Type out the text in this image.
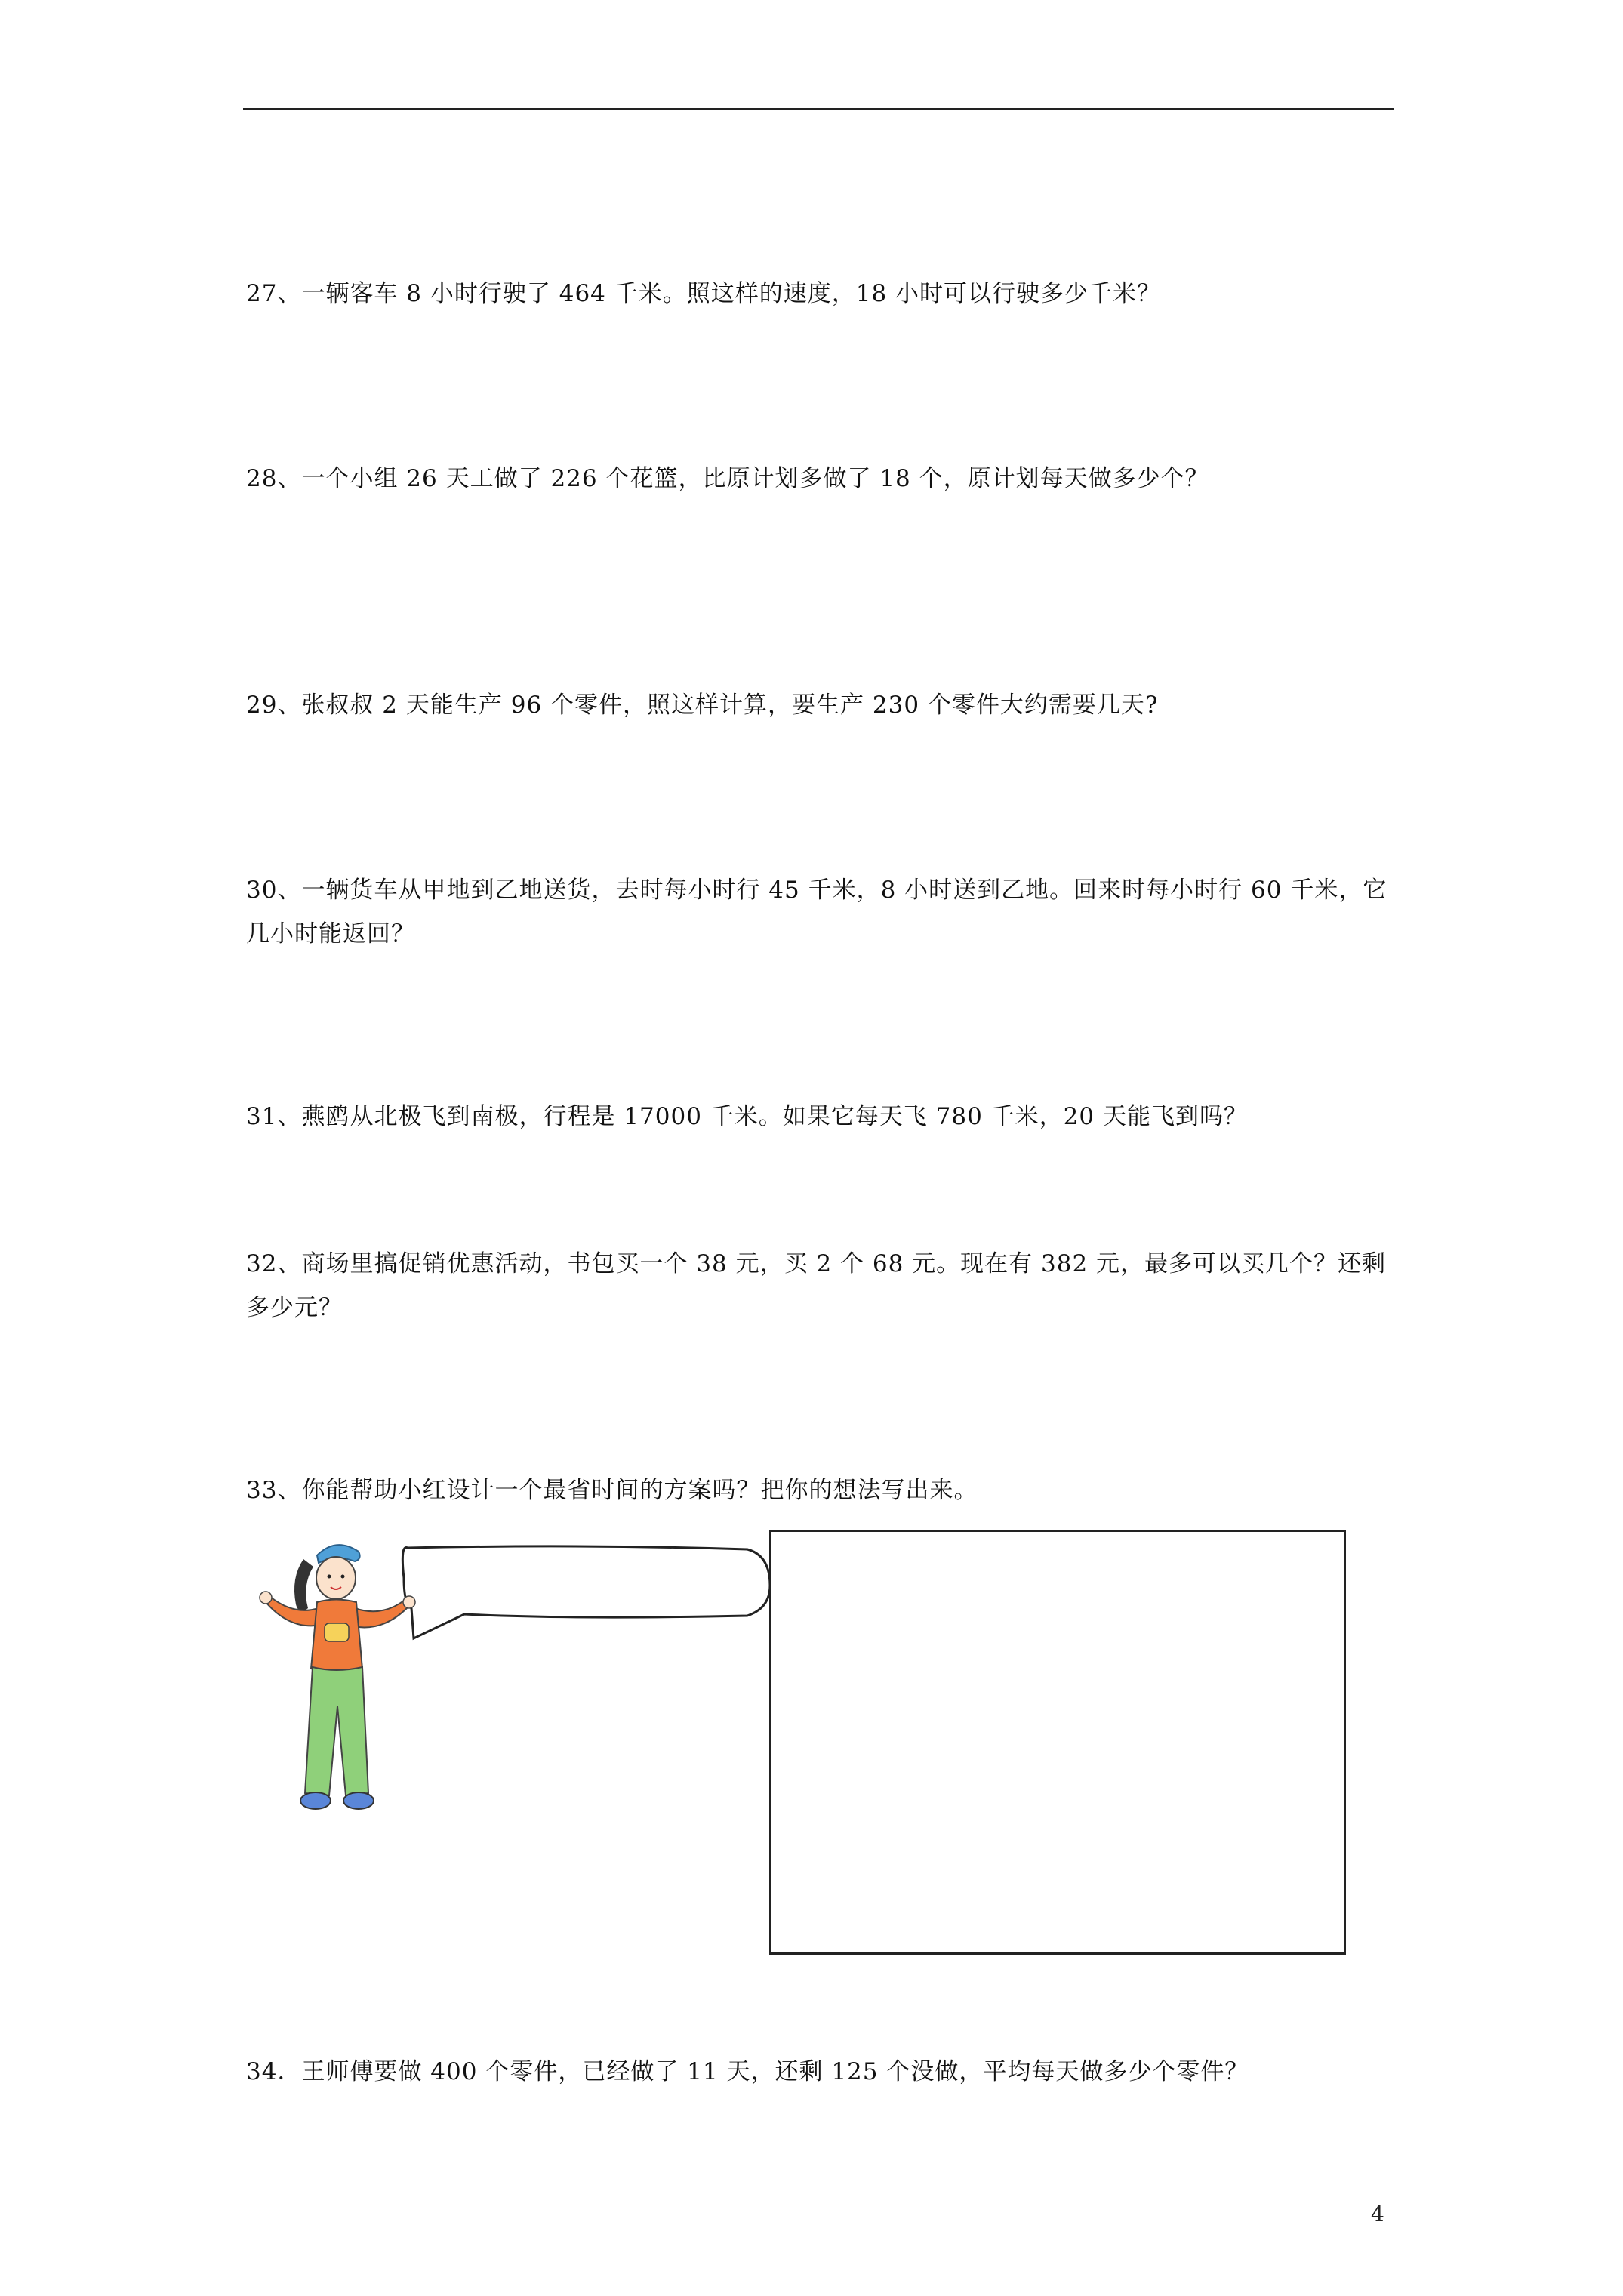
27、一辆客车 8 小时行驶了 464 千米。照这样的速度，18 小时可以行驶多少千米？
28、一个小组 26 天工做了 226 个花篮，比原计划多做了 18 个，原计划每天做多少个？
29、张叔叔 2 天能生产 96 个零件，照这样计算，要生产 230 个零件大约需要几天?
30、一辆货车从甲地到乙地送货，去时每小时行 45 千米，8 小时送到乙地。回来时每小时行 60 千米，它几小时能返回？
31、燕鸥从北极飞到南极，行程是 17000 千米。如果它每天飞 780 千米，20 天能飞到吗？
32、商场里搞促销优惠活动，书包买一个 38 元，买 2 个 68 元。现在有 382 元，最多可以买几个？还剩多少元？
33、你能帮助小红设计一个最省时间的方案吗？把你的想法写出来。
34．王师傅要做 400 个零件，已经做了 11 天，还剩 125 个没做，平均每天做多少个零件？
4
